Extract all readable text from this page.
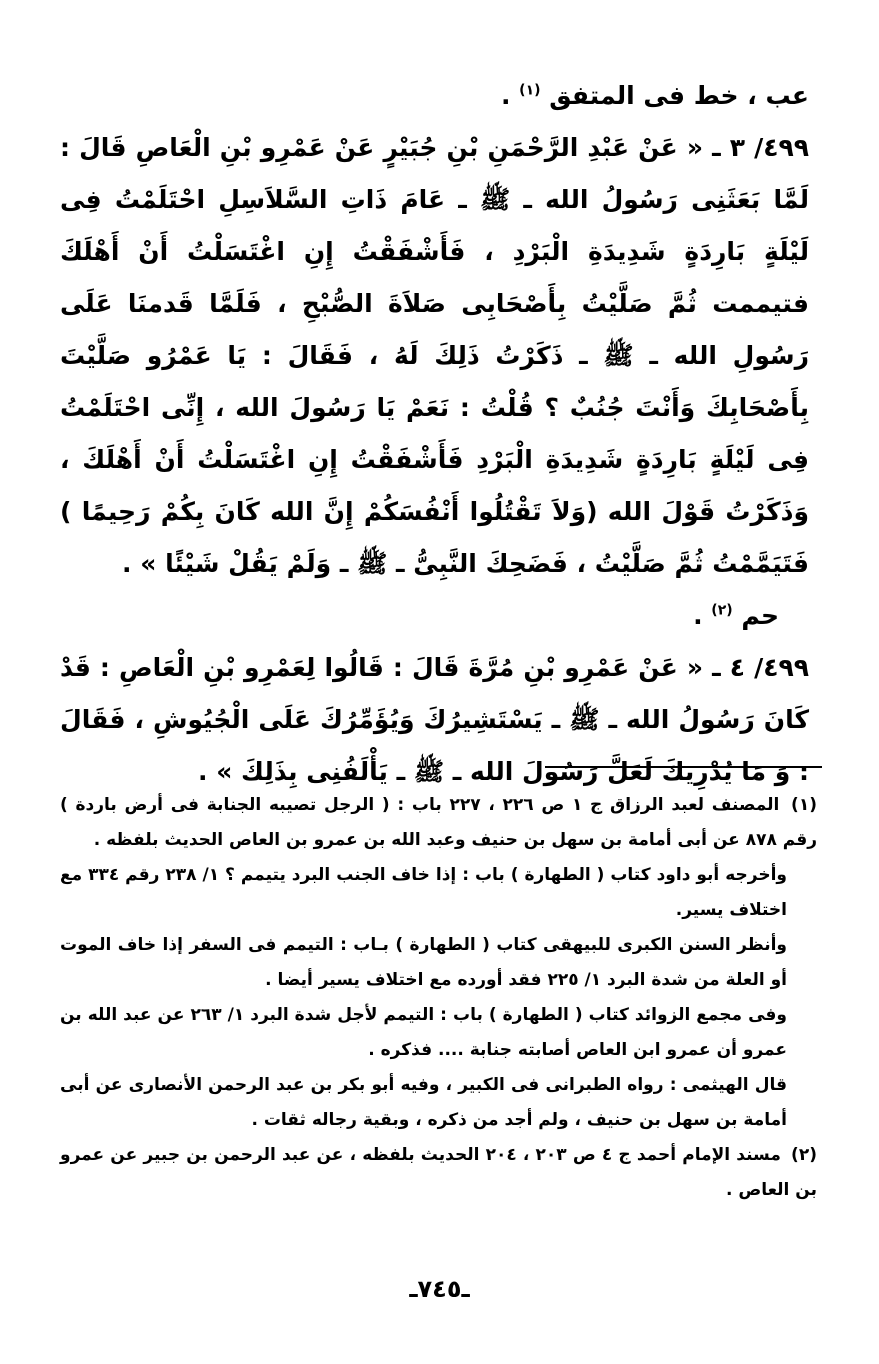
عب ، خط فى المتفق $^{(١)}$ .

٤٩٩/ ٣ ـ « عَنْ عَبْدِ الرَّحْمَنِ بْنِ جُبَيْرٍ عَنْ عَمْرِو بْنِ الْعَاصِ قَالَ : لَمَّا بَعَثَنِى رَسُولُ الله ـ ﷺ ـ عَامَ ذَاتِ السَّلاَسِلِ احْتَلَمْتُ فِى لَيْلَةٍ بَارِدَةٍ شَدِيدَةِ الْبَرْدِ ، فَأَشْفَقْتُ إِنِ اغْتَسَلْتُ أَنْ أَهْلَكَ فتيممت ثُمَّ صَلَّيْتُ بِأَصْحَابِى صَلاَةَ الصُّبْحِ ، فَلَمَّا قَدمنَا عَلَى رَسُولِ الله ـ ﷺ ـ ذَكَرْتُ ذَلِكَ لَهُ ، فَقَالَ : يَا عَمْرُو صَلَّيْتَ بِأَصْحَابِكَ وَأَنْتَ جُنُبٌ ؟ قُلْتُ : نَعَمْ يَا رَسُولَ الله ، إِنِّى احْتَلَمْتُ فِى لَيْلَةٍ بَارِدَةٍ شَدِيدَةِ الْبَرْدِ فَأَشْفَقْتُ إِنِ اغْتَسَلْتُ أَنْ أَهْلَكَ ، وَذَكَرْتُ قَوْلَ الله (وَلاَ تَقْتُلُوا أَنْفُسَكُمْ إِنَّ الله كَانَ بِكُمْ رَحِيمًا ) فَتَيَمَّمْتُ ثُمَّ صَلَّيْتُ ، فَضَحِكَ النَّبِىُّ ـ ﷺ ـ وَلَمْ يَقُلْ شَيْئًا » .

حم $^{(٢)}$ .

٤٩٩/ ٤ ـ « عَنْ عَمْرِو بْنِ مُرَّةَ قَالَ : قَالُوا لِعَمْرِو بْنِ الْعَاصِ : قَدْ كَانَ رَسُولُ الله ـ ﷺ ـ يَسْتَشِيرُكَ وَيُؤَمِّرُكَ عَلَى الْجُيُوشِ ، فَقَالَ : وَ مَا يُدْرِيكَ لَعَلَّ رَسُولَ الله ـ ﷺ ـ يَأْلَفُنِى بِذَلِكَ » .

(١) المصنف لعبد الرزاق ج ١ ص ٢٢٦ ، ٢٢٧ باب : ( الرجل تصيبه الجنابة فى أرض باردة ) رقم ٨٧٨ عن أبى أمامة بن سهل بن حنيف وعبد الله بن عمرو بن العاص الحديث بلفظه .

وأخرجه أبو داود كتاب ( الطهارة ) باب : إذا خاف الجنب البرد يتيمم ؟ ١/ ٢٣٨ رقم ٣٣٤ مع اختلاف يسير.

وأنظر السنن الكبرى للبيهقى كتاب ( الطهارة ) بـاب : التيمم فى السفر إذا خاف الموت أو العلة من شدة البرد ١/ ٢٢٥ فقد أورده مع اختلاف يسير أيضا .

وفى مجمع الزوائد كتاب ( الطهارة ) باب : التيمم لأجل شدة البرد ١/ ٢٦٣ عن عبد الله بن عمرو أن عمرو ابن العاص أصابته جنابة .... فذكره .

قال الهيثمى : رواه الطبرانى فى الكبير ، وفيه أبو بكر بن عبد الرحمن الأنصارى عن أبى أمامة بن سهل بن حنيف ، ولم أجد من ذكره ، وبقية رجاله ثقات .

(٢) مسند الإمام أحمد ج ٤ ص ٢٠٣ ، ٢٠٤ الحديث بلفظه ، عن عبد الرحمن بن جبير عن عمرو بن العاص .

ـ٧٤٥ـ
